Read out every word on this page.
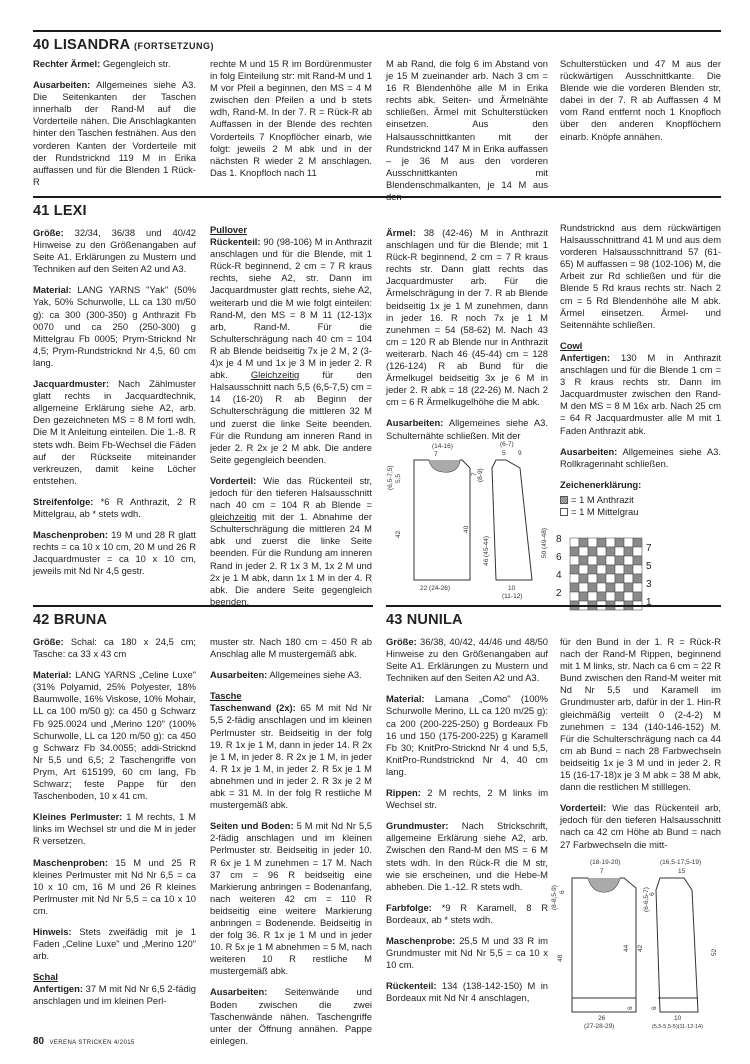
40 LISANDRA (FORTSETZUNG)

Rechter Ärmel: Gegengleich str.

Ausarbeiten: Allgemeines siehe A3. Die Seitenkanten der Taschen innerhalb der Rand-M auf die Vorderteile nähen. Die Anschlagkanten hinter den Taschen festnähen. Aus den vorderen Kanten der Vorderteile mit der Rundstricknd 119 M in Erika auffassen und für die Blenden 1 Rück-R

rechte M und 15 R im Bordürenmuster in folg Einteilung str: mit Rand-M und 1 M vor Pfeil a beginnen, den MS = 4 M zwischen den Pfeilen a und b stets wdh, Rand-M. In der 7. R = Rück-R ab Auffassen in der Blende des rechten Vorderteils 7 Knopflöcher einarb, wie folgt: jeweils 2 M abk und in der nächsten R wieder 2 M anschlagen. Das 1. Knopfloch nach 11

M ab Rand, die folg 6 im Abstand von je 15 M zueinander arb. Nach 3 cm = 16 R Blendenhöhe alle M in Erika rechts abk. Seiten- und Ärmelnähte schließen. Ärmel mit Schulterstücken einsetzen. Aus den Halsausschnittkanten mit der Rundstricknd 147 M in Erika auffassen – je 36 M aus den vorderen Ausschnittkanten mit Blendenschmalkanten, je 14 M aus den

Schulterstücken und 47 M aus der rückwärtigen Ausschnittkante. Die Blende wie die vorderen Blenden str, dabei in der 7. R ab Auffassen 4 M vom Rand entfernt noch 1 Knopfloch über den anderen Knopflöchern einarb. Knöpfe annähen.

41 LEXI

Größe: 32/34, 36/38 und 40/42 Hinweise zu den Größenangaben auf Seite A1. Erklärungen zu Mustern und Techniken auf den Seiten A2 und A3.

Material: LANG YARNS "Yak" (50% Yak, 50% Schurwolle, LL ca 130 m/50 g): ca 300 (300-350) g Anthrazit Fb 0070 und ca 250 (250-300) g Mittelgrau Fb 0005; Prym-Stricknd Nr 4,5; Prym-Rundstricknd Nr 4,5, 60 cm lang.

Jacquardmuster: Nach Zählmuster glatt rechts in Jacquardtechnik, allgemeine Erklärung siehe A2, arb. Den gezeichneten MS = 8 M fortl wdh. Die M lt Anleitung einteilen. Die 1.-8. R stets wdh. Beim Fb-Wechsel die Fäden auf der Rückseite miteinander verkreuzen, damit keine Löcher entstehen.

Streifenfolge: *6 R Anthrazit, 2 R Mittelgrau, ab * stets wdh.

Maschenproben: 19 M und 28 R glatt rechts = ca 10 x 10 cm, 20 M und 26 R Jacquardmuster = ca 10 x 10 cm, jeweils mit Nd Nr 4,5 gestr.

Pullover

Rückenteil: 90 (98-106) M in Anthrazit anschlagen und für die Blende, mit 1 Rück-R beginnend, 2 cm = 7 R kraus rechts, siehe A2, str. Dann im Jacquardmuster glatt rechts, siehe A2, weiterarb und die M wie folgt einteilen: Rand-M, den MS = 8 M 11 (12-13)x arb, Rand-M. Für die Schulterschrägung nach 40 cm = 104 R ab Blende beidseitig 7x je 2 M, 2 (3-4)x je 4 M und 1x je 3 M in jeder 2. R abk. Gleichzeitig für den Halsausschnitt nach 5,5 (6,5-7,5) cm = 14 (16-20) R ab Beginn der Schulterschrägung die mittleren 32 M und zuerst die linke Seite beenden. Für die Rundung am inneren Rand in jeder 2. R 2x je 2 M abk. Die andere Seite gegengleich beenden.

Vorderteil: Wie das Rückenteil str, jedoch für den tieferen Halsausschnitt nach 40 cm = 104 R ab Blende = gleichzeitig mit der 1. Abnahme der Schulterschrägung die mittleren 24 M abk und zuerst die linke Seite beenden. Für die Rundung am inneren Rand in jeder 2. R 1x 3 M, 1x 2 M und 2x je 1 M abk, dann 1x 1 M in der 4. R abk. Die andere Seite gegengleich beenden.

Ärmel: 38 (42-46) M in Anthrazit anschlagen und für die Blende; mit 1 Rück-R beginnend, 2 cm = 7 R kraus rechts str. Dann glatt rechts das Jacquardmuster arb. Für die Ärmelschrägung in der 7. R ab Blende beidseitig 1x je 1 M zunehmen, dann in jeder 16. R noch 7x je 1 M zunehmen = 54 (58-62) M. Nach 43 cm = 120 R ab Blende nur in Anthrazit weiterarb. Nach 46 (45-44) cm = 128 (126-124) R ab Bund für die Ärmelkugel beidseitig 3x je 6 M in jeder 2. R abk = 18 (22-26) M. Nach 2 cm = 6 R Ärmelkugelhöhe die M abk.

Ausarbeiten: Allgemeines siehe A3. Schulternähte schließen. Mit der

(14-16)
7
(6,5-7,5) 5,5
42
40
22 (24-26)
(6-7)
5 9
(8-9)
7
46 (45-44)	50 (49-48)
10
(11-12)

Rundstricknd aus dem rückwärtigen Halsausschnittrand 41 M und aus dem vorderen Halsausschnittrand 57 (61-65) M auffassen = 98 (102-106) M, die Arbeit zur Rd schließen und für die Blende 5 Rd kraus rechts str. Nach 2 cm = 5 Rd Blendenhöhe alle M abk. Ärmel einsetzen. Ärmel- und Seitennähte schließen.

Cowl

Anfertigen: 130 M in Anthrazit anschlagen und für die Blende 1 cm = 3 R kraus rechts str. Dann im Jacquardmuster zwischen den Rand-M den MS = 8 M 16x arb. Nach 25 cm = 64 R Jacquardmuster alle M mit 1 Faden Anthrazit abk.

Ausarbeiten: Allgemeines siehe A3. Rollkragennaht schließen.

Zeichenerklärung:
= 1 M Anthrazit
= 1 M Mittelgrau
8
6
4
2
7
5
3
1
42 BRUNA

Größe: Schal: ca 180 x 24,5 cm; Tasche: ca 33 x 43 cm

Material: LANG YARNS „Celine Luxe" (31% Polyamid, 25% Polyester, 18% Baumwolle, 16% Viskose, 10% Mohair, LL ca 100 m/50 g): ca 450 g Schwarz Fb 925.0024 und „Merino 120" (100% Schurwolle, LL ca 120 m/50 g): ca 450 g Schwarz Fb 34.0055; addi-Stricknd Nr 5,5 und 6,5; 2 Taschengriffe von Prym, Art 615199, 60 cm lang, Fb Schwarz; feste Pappe für den Taschenboden, 10 x 41 cm.

Kleines Perlmuster: 1 M rechts, 1 M links im Wechsel str und die M in jeder R versetzen.

Maschenproben: 15 M und 25 R kleines Perlmuster mit Nd Nr 6,5 = ca 10 x 10 cm, 16 M und 26 R kleines Perlmuster mit Nd Nr 5,5 = ca 10 x 10 cm.

Hinweis: Stets zweifädig mit je 1 Faden „Celine Luxe" und „Merino 120" arb.

Schal

Anfertigen: 37 M mit Nd Nr 6,5 2-fädig anschlagen und im kleinen Perl-

muster str. Nach 180 cm = 450 R ab Anschlag alle M mustergemäß abk.

Ausarbeiten: Allgemeines siehe A3.

Tasche

Taschenwand (2x): 65 M mit Nd Nr 5,5 2-fädig anschlagen und im kleinen Perlmuster str. Beidseitig in der folg 19. R 1x je 1 M, dann in jeder 14. R 2x je 1 M, in jeder 8. R 2x je 1 M, in jeder 4. R 1x je 1 M, in jeder 2. R 5x je 1 M abnehmen und in jeder 2. R 3x je 2 M abk = 31 M. In der folg R restliche M mustergemäß abk.

Seiten und Boden: 5 M mit Nd Nr 5,5 2-fädig anschlagen und im kleinen Perlmuster str. Beidseitig in jeder 10. R 6x je 1 M zunehmen = 17 M. Nach 37 cm = 96 R beidseitig eine Markierung anbringen = Bodenanfang, nach weiteren 42 cm = 110 R beidseitig eine weitere Markierung anbringen = Bodenende. Beidseitig in der folg 36. R 1x je 1 M und in jeder 10. R 5x je 1 M abnehmen = 5 M, nach weiteren 10 R restliche M mustergemäß abk.

Ausarbeiten: Seitenwände und Boden zwischen die zwei Taschenwände nähen. Taschengriffe unter der Öffnung annähen. Pappe einlegen.

43 NUNILA

Größe: 36/38, 40/42, 44/46 und 48/50 Hinweise zu den Größenangaben auf Seite A1. Erklärungen zu Mustern und Techniken auf den Seiten A2 und A3.

Material: Lamana „Como" (100% Schurwolle Merino, LL ca 120 m/25 g): ca 200 (200-225-250) g Bordeaux Fb 16 und 150 (175-200-225) g Karamell Fb 30; KnitPro-Stricknd Nr 4 und 5,5, KnitPro-Rundstricknd Nr 4, 40 cm lang.

Rippen: 2 M rechts, 2 M links im Wechsel str.

Grundmuster: Nach Strickschrift, allgemeine Erklärung siehe A2, arb. Zwischen den Rand-M den MS = 6 M stets wdh. In den Rück-R die M str, wie sie erscheinen, und die Hebe-M abheben. Die 1.-12. R stets wdh.

Farbfolge: *9 R Karamell, 8 R Bordeaux, ab * stets wdh.

Maschenprobe: 25,5 M und 33 R im Grundmuster mit Nd Nr 5,5 = ca 10 x 10 cm.

Rückenteil: 134 (138-142-150) M in Bordeaux mit Nd Nr 4 anschlagen,

für den Bund in der 1. R = Rück-R nach der Rand-M Rippen, beginnend mit 1 M links, str. Nach ca 6 cm = 22 R Bund zwischen den Rand-M weiter mit Nd Nr 5,5 und Karamell im Grundmuster arb, dafür in der 1. Hin-R gleichmäßig verteilt 0 (2-4-2) M zunehmen = 134 (140-146-152) M. Für die Schulterschrägung nach ca 44 cm ab Bund = nach 28 Farbwechseln beidseitig 1x je 3 M und in jeder 2. R 15 (16-17-18)x je 3 M abk = 38 M abk, dann die restlichen M stilllegen.

Vorderteil: Wie das Rückenteil arb, jedoch für den tieferen Halsausschnitt nach ca 42 cm Höhe ab Bund = nach 27 Farbwechseln die mitt-

(18-19-20)
7
(8-8,5-9) 6
48
44 42
6
26
(27-28-29)
(16,5-17,5-19)
15
(6-6,5-7) 6
52
6
10
(5,5-5,5-5)(11-12-14)
80 VERENA STRICKEN 4/2015
